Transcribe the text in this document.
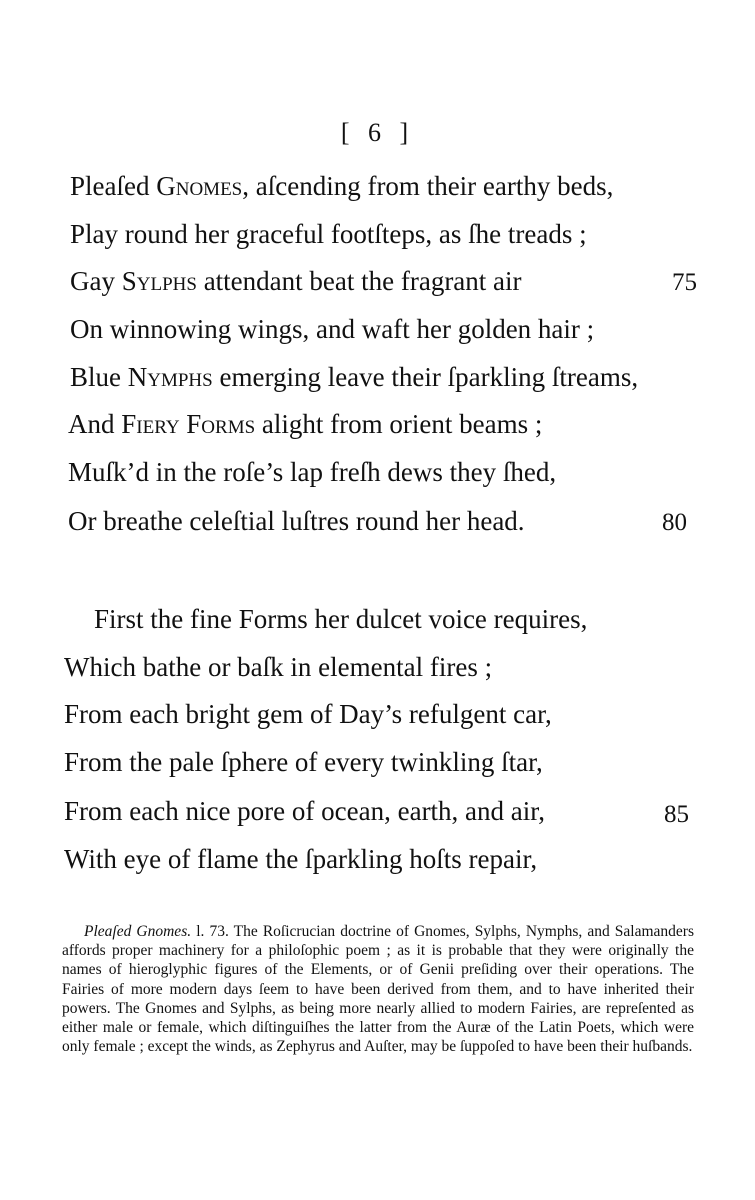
[ 6 ]
Pleaſed Gnomes, aſcending from their earthy beds,
Play round her graceful footſteps, as ſhe treads ;
Gay Sylphs attendant beat the fragrant air	75
On winnowing wings, and waft her golden hair ;
Blue Nymphs emerging leave their ſparkling ſtreams,
And Fiery Forms alight from orient beams ;
Muſk’d in the roſe’s lap freſh dews they ſhed,
Or breathe celeſtial luſtres round her head.	80
First the fine Forms her dulcet voice requires,
Which bathe or baſk in elemental fires ;
From each bright gem of Day’s refulgent car,
From the pale ſphere of every twinkling ſtar,
From each nice pore of ocean, earth, and air,	85
With eye of flame the ſparkling hoſts repair,

Pleaſed Gnomes. l. 73. The Roſicrucian doctrine of Gnomes, Sylphs, Nymphs, and Salamanders affords proper machinery for a philoſophic poem ; as it is probable that they were originally the names of hieroglyphic figures of the Elements, or of Genii preſiding over their operations. The Fairies of more modern days ſeem to have been derived from them, and to have inherited their powers. The Gnomes and Sylphs, as being more nearly allied to modern Fairies, are repreſented as either male or female, which diſtinguiſhes the latter from the Auræ of the Latin Poets, which were only female ; except the winds, as Zephyrus and Auſter, may be ſuppoſed to have been their huſbands.
